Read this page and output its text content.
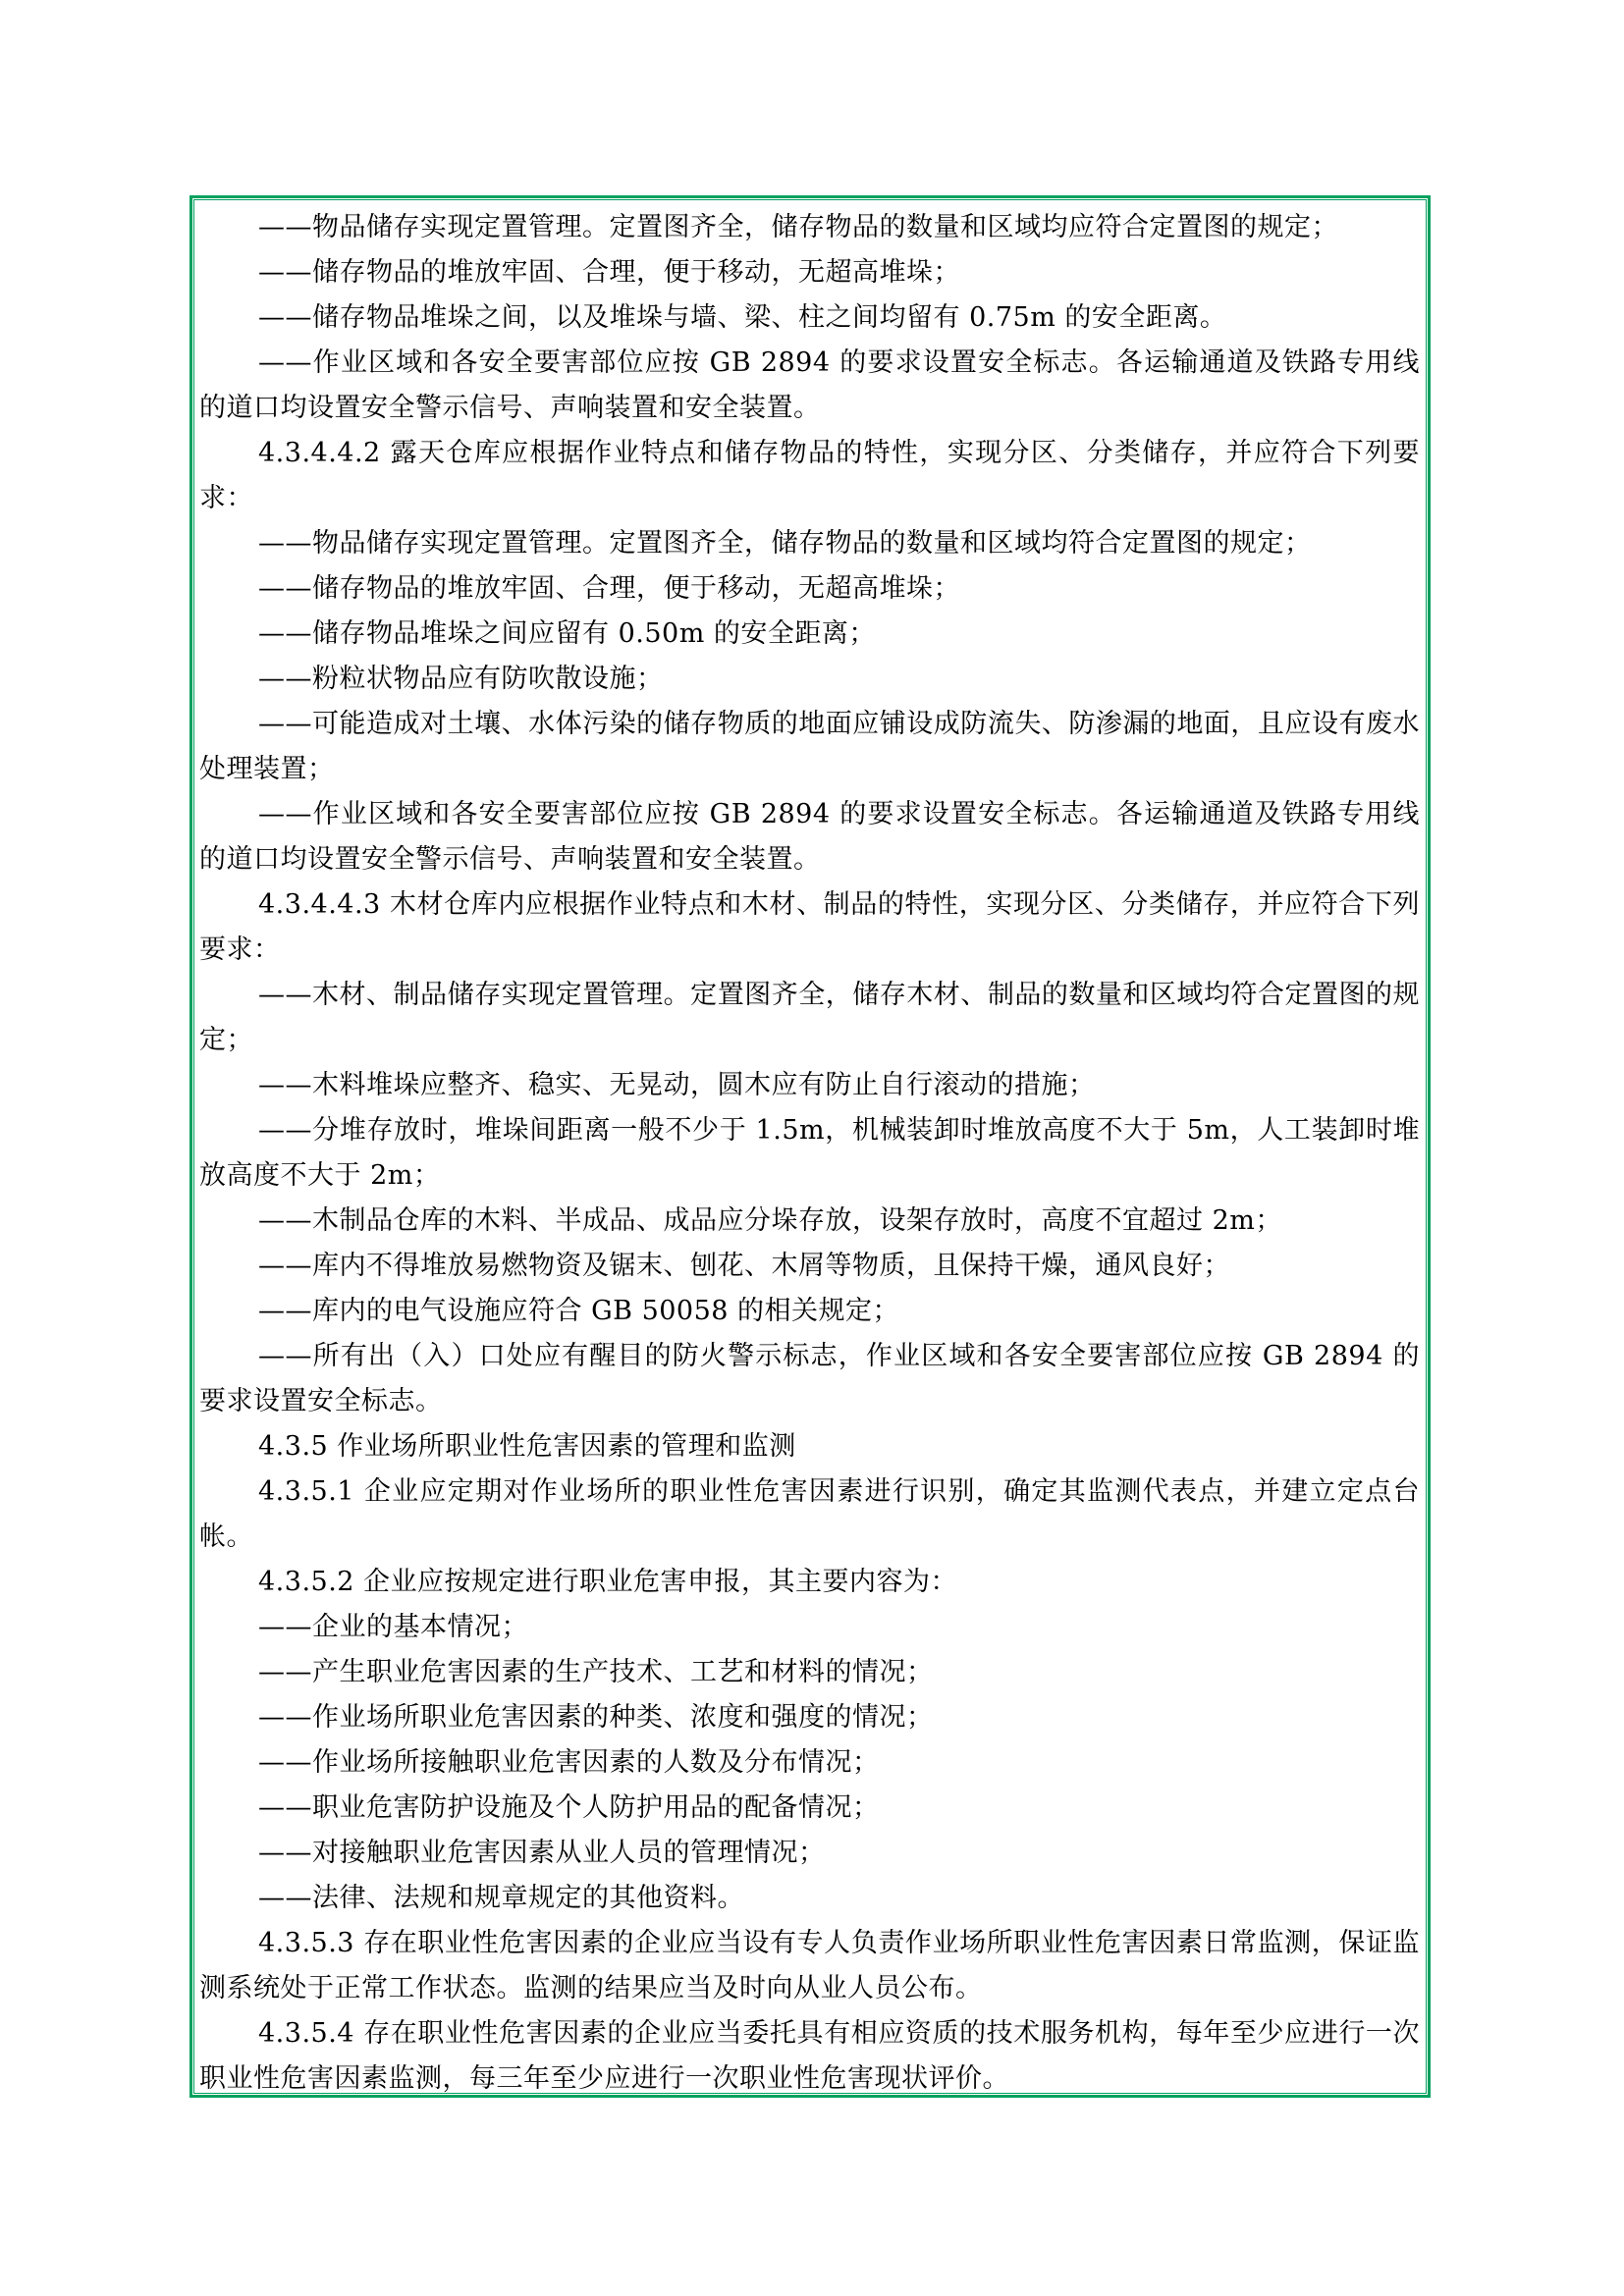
——物品储存实现定置管理。定置图齐全，储存物品的数量和区域均应符合定置图的规定；

——储存物品的堆放牢固、合理，便于移动，无超高堆垛；

——储存物品堆垛之间，以及堆垛与墙、梁、柱之间均留有 0.75m 的安全距离。

——作业区域和各安全要害部位应按 GB 2894 的要求设置安全标志。各运输通道及铁路专用线的道口均设置安全警示信号、声响装置和安全装置。

4.3.4.4.2 露天仓库应根据作业特点和储存物品的特性，实现分区、分类储存，并应符合下列要求：

——物品储存实现定置管理。定置图齐全，储存物品的数量和区域均符合定置图的规定；

——储存物品的堆放牢固、合理，便于移动，无超高堆垛；

——储存物品堆垛之间应留有 0.50m 的安全距离；

——粉粒状物品应有防吹散设施；

——可能造成对土壤、水体污染的储存物质的地面应铺设成防流失、防渗漏的地面，且应设有废水处理装置；

——作业区域和各安全要害部位应按 GB 2894 的要求设置安全标志。各运输通道及铁路专用线的道口均设置安全警示信号、声响装置和安全装置。

4.3.4.4.3 木材仓库内应根据作业特点和木材、制品的特性，实现分区、分类储存，并应符合下列要求：

——木材、制品储存实现定置管理。定置图齐全，储存木材、制品的数量和区域均符合定置图的规定；

——木料堆垛应整齐、稳实、无晃动，圆木应有防止自行滚动的措施；

——分堆存放时，堆垛间距离一般不少于 1.5m，机械装卸时堆放高度不大于 5m，人工装卸时堆放高度不大于 2m；

——木制品仓库的木料、半成品、成品应分垛存放，设架存放时，高度不宜超过 2m；

——库内不得堆放易燃物资及锯末、刨花、木屑等物质，且保持干燥，通风良好；

——库内的电气设施应符合 GB 50058 的相关规定；

——所有出（入）口处应有醒目的防火警示标志，作业区域和各安全要害部位应按 GB 2894 的要求设置安全标志。

4.3.5 作业场所职业性危害因素的管理和监测

4.3.5.1 企业应定期对作业场所的职业性危害因素进行识别，确定其监测代表点，并建立定点台帐。

4.3.5.2 企业应按规定进行职业危害申报，其主要内容为：

——企业的基本情况；

——产生职业危害因素的生产技术、工艺和材料的情况；

——作业场所职业危害因素的种类、浓度和强度的情况；

——作业场所接触职业危害因素的人数及分布情况；

——职业危害防护设施及个人防护用品的配备情况；

——对接触职业危害因素从业人员的管理情况；

——法律、法规和规章规定的其他资料。

4.3.5.3 存在职业性危害因素的企业应当设有专人负责作业场所职业性危害因素日常监测，保证监测系统处于正常工作状态。监测的结果应当及时向从业人员公布。

4.3.5.4 存在职业性危害因素的企业应当委托具有相应资质的技术服务机构，每年至少应进行一次职业性危害因素监测，每三年至少应进行一次职业性危害现状评价。
